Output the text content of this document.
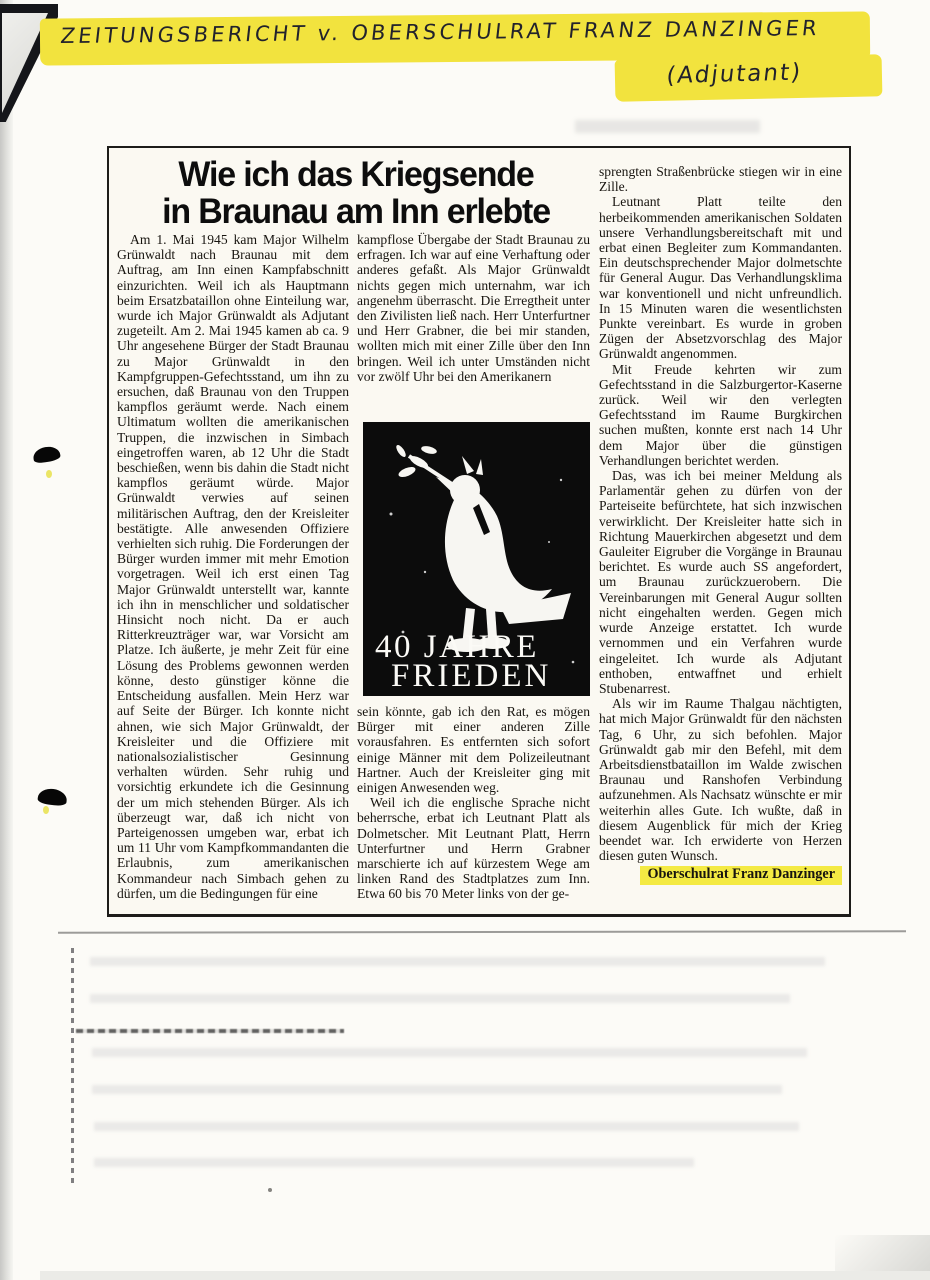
ZEITUNGSBERICHT v. OBERSCHULRAT FRANZ DANZINGER
(Adjutant)
Wie ich das Kriegsende
in Braunau am Inn erlebte

Am 1. Mai 1945 kam Major Wilhelm Grünwaldt nach Braunau mit dem Auftrag, am Inn einen Kampfabschnitt einzurichten. Weil ich als Hauptmann beim Ersatzbataillon ohne Einteilung war, wurde ich Major Grünwaldt als Adjutant zugeteilt. Am 2. Mai 1945 kamen ab ca. 9 Uhr angesehene Bürger der Stadt Braunau zu Major Grünwaldt in den Kampfgruppen-Gefechtsstand, um ihn zu ersuchen, daß Braunau von den Truppen kampflos geräumt werde. Nach einem Ultimatum wollten die amerikanischen Truppen, die inzwischen in Simbach eingetroffen waren, ab 12 Uhr die Stadt beschießen, wenn bis dahin die Stadt nicht kampflos geräumt würde. Major Grünwaldt verwies auf seinen militärischen Auftrag, den der Kreisleiter bestätigte. Alle anwesenden Offiziere verhielten sich ruhig. Die Forderungen der Bürger wurden immer mit mehr Emotion vorgetragen. Weil ich erst einen Tag Major Grünwaldt unterstellt war, kannte ich ihn in menschlicher und soldatischer Hinsicht noch nicht. Da er auch Ritterkreuzträger war, war Vorsicht am Platze. Ich äußerte, je mehr Zeit für eine Lösung des Problems gewonnen werden könne, desto günstiger könne die Entscheidung ausfallen. Mein Herz war auf Seite der Bürger. Ich konnte nicht ahnen, wie sich Major Grünwaldt, der Kreisleiter und die Offiziere mit nationalsozialistischer Gesinnung verhalten würden. Sehr ruhig und vorsichtig erkundete ich die Gesinnung der um mich stehenden Bürger. Als ich überzeugt war, daß ich nicht von Parteigenossen umgeben war, erbat ich um 11 Uhr vom Kampfkommandanten die Erlaubnis, zum amerikanischen Kommandeur nach Simbach gehen zu dürfen, um die Bedingungen für eine

kampflose Übergabe der Stadt Braunau zu erfragen. Ich war auf eine Verhaftung oder anderes gefaßt. Als Major Grünwaldt nichts gegen mich unternahm, war ich angenehm überrascht. Die Erregtheit unter den Zivilisten ließ nach. Herr Unterfurtner und Herr Grabner, die bei mir standen, wollten mich mit einer Zille über den Inn bringen. Weil ich unter Umständen nicht vor zwölf Uhr bei den Amerikanern

40 JAHRE
FRIEDEN

sein könnte, gab ich den Rat, es mögen Bürger mit einer anderen Zille vorausfahren. Es entfernten sich sofort einige Männer mit dem Polizeileutnant Hartner. Auch der Kreisleiter ging mit einigen Anwesenden weg.

Weil ich die englische Sprache nicht beherrsche, erbat ich Leutnant Platt als Dolmetscher. Mit Leutnant Platt, Herrn Unterfurtner und Herrn Grabner marschierte ich auf kürzestem Wege am linken Rand des Stadtplatzes zum Inn. Etwa 60 bis 70 Meter links von der ge-

sprengten Straßenbrücke stiegen wir in eine Zille.

Leutnant Platt teilte den herbeikommenden amerikanischen Soldaten unsere Verhandlungsbereitschaft mit und erbat einen Begleiter zum Kommandanten. Ein deutschsprechender Major dolmetschte für General Augur. Das Verhandlungsklima war konventionell und nicht unfreundlich. In 15 Minuten waren die wesentlichsten Punkte vereinbart. Es wurde in groben Zügen der Absetzvorschlag des Major Grünwaldt angenommen.

Mit Freude kehrten wir zum Gefechtsstand in die Salzburgertor-Kaserne zurück. Weil wir den verlegten Gefechtsstand im Raume Burgkirchen suchen mußten, konnte erst nach 14 Uhr dem Major über die günstigen Verhandlungen berichtet werden.

Das, was ich bei meiner Meldung als Parlamentär gehen zu dürfen von der Parteiseite befürchtete, hat sich inzwischen verwirklicht. Der Kreisleiter hatte sich in Richtung Mauerkirchen abgesetzt und dem Gauleiter Eigruber die Vorgänge in Braunau berichtet. Es wurde auch SS angefordert, um Braunau zurückzuerobern. Die Vereinbarungen mit General Augur sollten nicht eingehalten werden. Gegen mich wurde Anzeige erstattet. Ich wurde vernommen und ein Verfahren wurde eingeleitet. Ich wurde als Adjutant enthoben, entwaffnet und erhielt Stubenarrest.

Als wir im Raume Thalgau nächtigten, hat mich Major Grünwaldt für den nächsten Tag, 6 Uhr, zu sich befohlen. Major Grünwaldt gab mir den Befehl, mit dem Arbeitsdienstbataillon im Walde zwischen Braunau und Ranshofen Verbindung aufzunehmen. Als Nachsatz wünschte er mir weiterhin alles Gute. Ich wußte, daß in diesem Augenblick für mich der Krieg beendet war. Ich erwiderte von Herzen diesen guten Wunsch.

Oberschulrat Franz Danzinger
